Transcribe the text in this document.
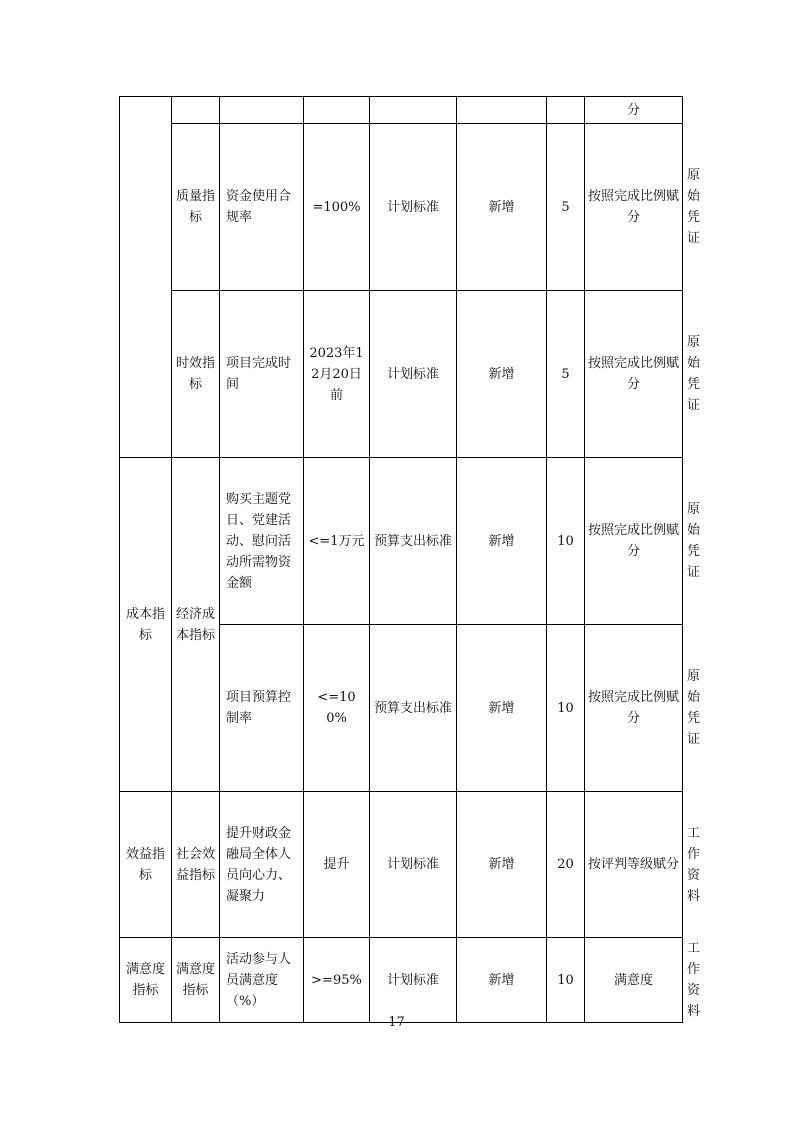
							分	
	质量指标	资金使用合规率	=100%	计划标准	新增	5	按照完成比例赋分	原始凭证
	时效指标	项目完成时间	2023年12月20日前	计划标准	新增	5	按照完成比例赋分	原始凭证
成本指标	经济成本指标	购买主题党日、党建活动、慰问活动所需物资金额	<=1万元	预算支出标准	新增	10	按照完成比例赋分	原始凭证
		项目预算控制率	<=100%	预算支出标准	新增	10	按照完成比例赋分	原始凭证
效益指标	社会效益指标	提升财政金融局全体人员向心力、凝聚力	提升	计划标准	新增	20	按评判等级赋分	工作资料
满意度指标	满意度指标	活动参与人员满意度（%）	>=95%	计划标准	新增	10	满意度	工作资料
17
